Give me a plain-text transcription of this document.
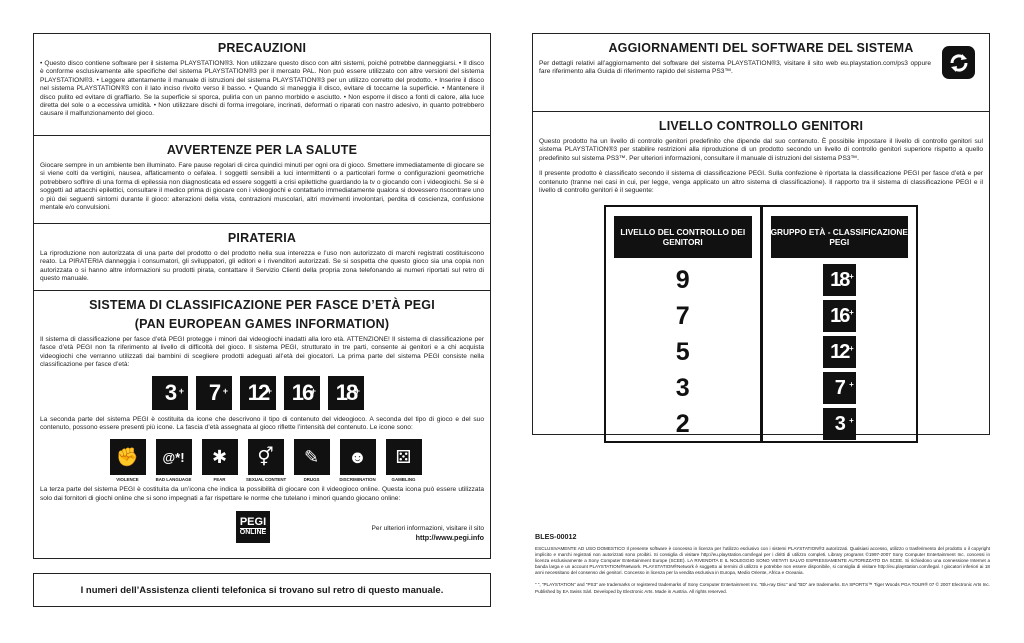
PRECAUZIONI

• Questo disco contiene software per il sistema PLAYSTATION®3. Non utilizzare questo disco con altri sistemi, poiché potrebbe danneggiarsi. • Il disco è conforme esclusivamente alle specifiche del sistema PLAYSTATION®3 per il mercato PAL. Non può essere utilizzato con altre versioni del sistema PLAYSTATION®3. • Leggere attentamente il manuale di istruzioni del sistema PLAYSTATION®3 per un utilizzo corretto del prodotto. • Inserire il disco nel sistema PLAYSTATION®3 con il lato inciso rivolto verso il basso. • Quando si maneggia il disco, evitare di toccarne la superficie. • Mantenere il disco pulito ed evitare di graffiarlo. Se la superficie si sporca, pulirla con un panno morbido e asciutto. • Non esporre il disco a fonti di calore, alla luce diretta del sole o a eccessiva umidità. • Non utilizzare dischi di forma irregolare, incrinati, deformati o riparati con nastro adesivo, in quanto potrebbero causare il malfunzionamento del gioco.

AVVERTENZE PER LA SALUTE

Giocare sempre in un ambiente ben illuminato. Fare pause regolari di circa quindici minuti per ogni ora di gioco. Smettere immediatamente di giocare se si viene colti da vertigini, nausea, affaticamento o cefalea. I soggetti sensibili a luci intermittenti o a particolari forme o configurazioni geometriche potrebbero soffrire di una forma di epilessia non diagnosticata ed essere soggetti a crisi epilettiche guardando la tv o giocando con i videogiochi. Se si è soggetti ad attacchi epilettici, consultare il medico prima di giocare con i videogiochi e contattarlo immediatamente qualora si dovessero riscontrare uno o più dei seguenti sintomi durante il gioco: alterazioni della vista, contrazioni muscolari, altri movimenti involontari, perdita di coscienza, confusione mentale e/o convulsioni.

PIRATERIA

La riproduzione non autorizzata di una parte del prodotto o del prodotto nella sua interezza e l’uso non autorizzato di marchi registrati costituiscono reato. La PIRATERIA danneggia i consumatori, gli sviluppatori, gli editori e i rivenditori autorizzati. Se si sospetta che questo gioco sia una copia non autorizzata o si hanno altre informazioni su prodotti pirata, contattare il Servizio Clienti della propria zona telefonando ai numeri riportati sul retro di questo manuale.

SISTEMA DI CLASSIFICAZIONE PER FASCE D’ETÀ PEGI
(PAN EUROPEAN GAMES INFORMATION)

Il sistema di classificazione per fasce d’età PEGI protegge i minori dai videogiochi inadatti alla loro età. ATTENZIONE! Il sistema di classificazione per fasce d’età PEGI non fa riferimento al livello di difficoltà del gioco. Il sistema PEGI, strutturato in tre parti, consente ai genitori e a chi acquista videogiochi che verranno utilizzati dai bambini di scegliere prodotti adeguati all’età dei giocatori. La prima parte del sistema PEGI consiste nella classificazione per fasce d’età:

3 + 7 + 12
+ 16
+ 18
+

La seconda parte del sistema PEGI è costituita da icone che descrivono il tipo di contenuto del videogioco. A seconda del tipo di gioco e del suo contenuto, possono essere presenti più icone. La fascia d’età assegnata al gioco riflette l’intensità del contenuto. Le icone sono:

✊
VIOLENCE
@*!
BAD LANGUAGE
✱
FEAR
⚥
SEXUAL CONTENT
✎
DRUGS
☻
DISCRIMINATION
⚄
GAMBLING

La terza parte del sistema PEGI è costituita da un’icona che indica la possibilità di giocare con il videogioco online. Questa icona può essere utilizzata solo dai fornitori di giochi online che si sono impegnati a far rispettare le norme che tutelano i minori quando giocano online:

PEGI
ONLINE
Per ulteriori informazioni, visitare il sito
http://www.pegi.info
I numeri dell’Assistenza clienti telefonica si trovano sul retro di questo manuale.
AGGIORNAMENTI DEL SOFTWARE DEL SISTEMA

Per dettagli relativi all’aggiornamento del software del sistema PLAYSTATION®3, visitare il sito web eu.playstation.com/ps3 oppure fare riferimento alla Guida di riferimento rapido del sistema PS3™.

LIVELLO CONTROLLO GENITORI

Questo prodotto ha un livello di controllo genitori predefinito che dipende dal suo contenuto. È possibile impostare il livello di controllo genitori sul sistema PLAYSTATION®3 per stabilire restrizioni alla riproduzione di un prodotto secondo un livello di controllo genitori superiore rispetto a quello predefinito sul sistema PS3™. Per ulteriori informazioni, consultare il manuale di istruzioni del sistema PS3™.

Il presente prodotto è classificato secondo il sistema di classificazione PEGI. Sulla confezione è riportata la classificazione PEGI per fasce d’età e per contenuto (tranne nei casi in cui, per legge, venga applicato un altro sistema di classificazione). Il rapporto tra il sistema di classificazione PEGI e il livello di controllo genitori è il seguente:

LIVELLO DEL CONTROLLO DEI GENITORI
9
7
5
3
2
GRUPPO ETÀ - CLASSIFICAZIONE PEGI
18 +
16 +
12 +
7 +
3 +
BLES-00012

ESCLUSIVAMENTE AD USO DOMESTICO Il presente software è concesso in licenza per l’utilizzo esclusivo con i sistemi PLAYSTATION®3 autorizzati. Qualsiasi accesso, utilizzo o trasferimento del prodotto o il copyright implicito e marchi registrati non autorizzati sono proibiti. Si consiglia di visitare http://eu.playstation.com/legal per i diritti di utilizzo completi. Library programs ©1997-2007 Sony Computer Entertainment Inc. concessi in licenza esclusivamente a Sony Computer Entertainment Europe (SCEE). LA RIVENDITA E IL NOLEGGIO SONO VIETATI SALVO ESPRESSAMENTE AUTORIZZATO DA SCEE. Si richiedono una connessione Internet a banda larga e un account PLAYSTATION®Network. PLAYSTATION®Network è soggetto ai termini di utilizzo e potrebbe non essere disponibile, si consiglia di visitare http://eu.playstation.com/legal. I giocatori inferiori ai 18 anni necessitano del consenso dei genitori. Concesso in licenza per la vendita esclusiva in Europa, Medio Oriente, Africa e Oceania.

“ ”, “PLAYSTATION” and “PS3” are trademarks or registered trademarks of Sony Computer Entertainment Inc. “Blu-ray Disc” and “BD” are trademarks. EA SPORTS™ Tiger Woods PGA TOUR® 07 © 2007 Electronic Arts Inc. Published by EA Swiss Sàrl. Developed by Electronic Arts. Made in Austria. All rights reserved.
